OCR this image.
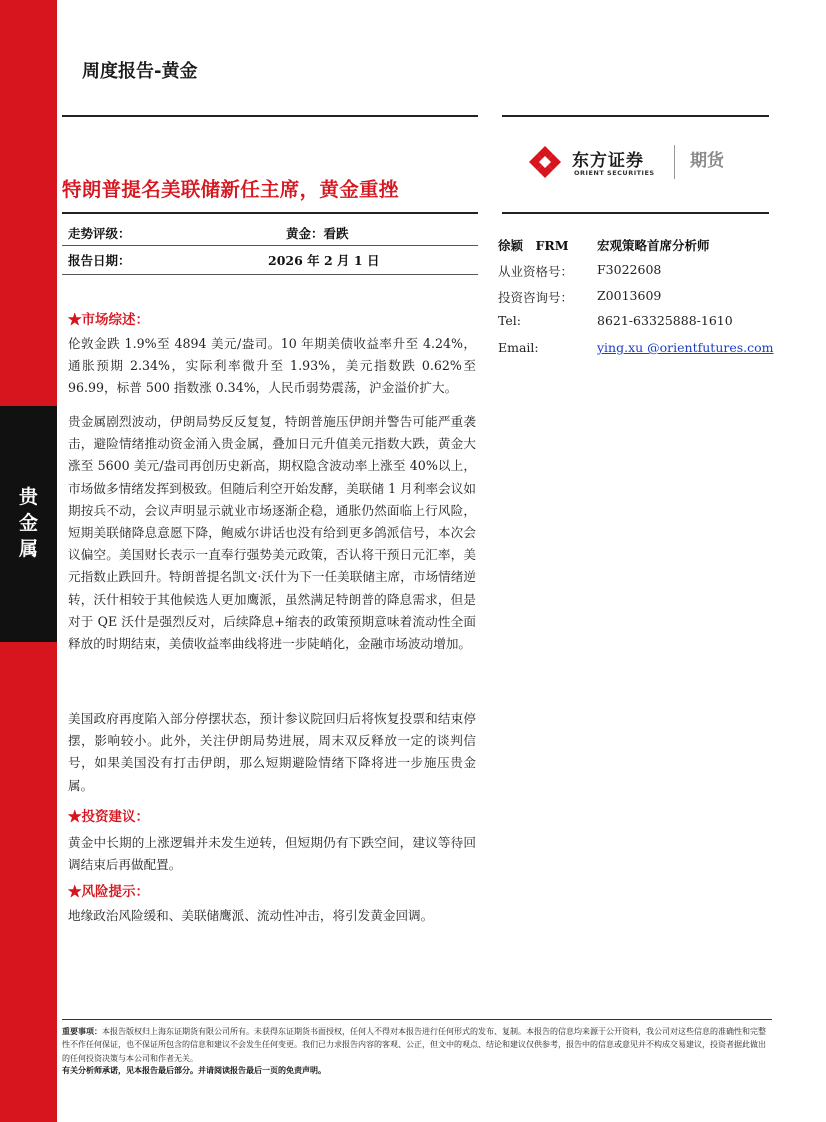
贵
金
属
周度报告-黄金
东方证券
ORIENT SECURITIES
期货
特朗普提名美联储新任主席，黄金重挫
走势评级：	黄金：看跌
报告日期：	2026 年 2 月 1 日
徐颖　FRM 宏观策略首席分析师
从业资格号： F3022608
投资咨询号： Z0013609
Tel:	8621-63325888-1610
Email:	ying.xu @orientfutures.com
★市场综述：
伦敦金跌 1.9%至 4894 美元/盎司。10 年期美债收益率升至 4.24%，通胀预期 2.34%，实际利率微升至 1.93%，美元指数跌 0.62%至 96.99，标普 500 指数涨 0.34%，人民币弱势震荡，沪金溢价扩大。
贵金属剧烈波动，伊朗局势反反复复，特朗普施压伊朗并警告可能严重袭击，避险情绪推动资金涌入贵金属，叠加日元升值美元指数大跌，黄金大涨至 5600 美元/盎司再创历史新高，期权隐含波动率上涨至 40%以上，市场做多情绪发挥到极致。但随后利空开始发酵，美联储 1 月利率会议如期按兵不动，会议声明显示就业市场逐渐企稳，通胀仍然面临上行风险，短期美联储降息意愿下降，鲍威尔讲话也没有给到更多鸽派信号，本次会议偏空。美国财长表示一直奉行强势美元政策，否认将干预日元汇率，美元指数止跌回升。特朗普提名凯文·沃什为下一任美联储主席，市场情绪逆转，沃什相较于其他候选人更加鹰派，虽然满足特朗普的降息需求，但是对于 QE 沃什是强烈反对，后续降息+缩表的政策预期意味着流动性全面释放的时期结束，美债收益率曲线将进一步陡峭化，金融市场波动增加。
美国政府再度陷入部分停摆状态，预计参议院回归后将恢复投票和结束停摆，影响较小。此外，关注伊朗局势进展，周末双反释放一定的谈判信号，如果美国没有打击伊朗，那么短期避险情绪下降将进一步施压贵金属。
★投资建议：
黄金中长期的上涨逻辑并未发生逆转，但短期仍有下跌空间，建议等待回调结束后再做配置。
★风险提示：
地缘政治风险缓和、美联储鹰派、流动性冲击，将引发黄金回调。
重要事项：本报告版权归上海东证期货有限公司所有。未获得东证期货书面授权，任何人不得对本报告进行任何形式的发布、复制。本报告的信息均来源于公开资料，我公司对这些信息的准确性和完整性不作任何保证，也不保证所包含的信息和建议不会发生任何变更。我们已力求报告内容的客观、公正，但文中的观点、结论和建议仅供参考，报告中的信息或意见并不构成交易建议，投资者据此做出的任何投资决策与本公司和作者无关。
有关分析师承诺，见本报告最后部分。并请阅读报告最后一页的免责声明。
